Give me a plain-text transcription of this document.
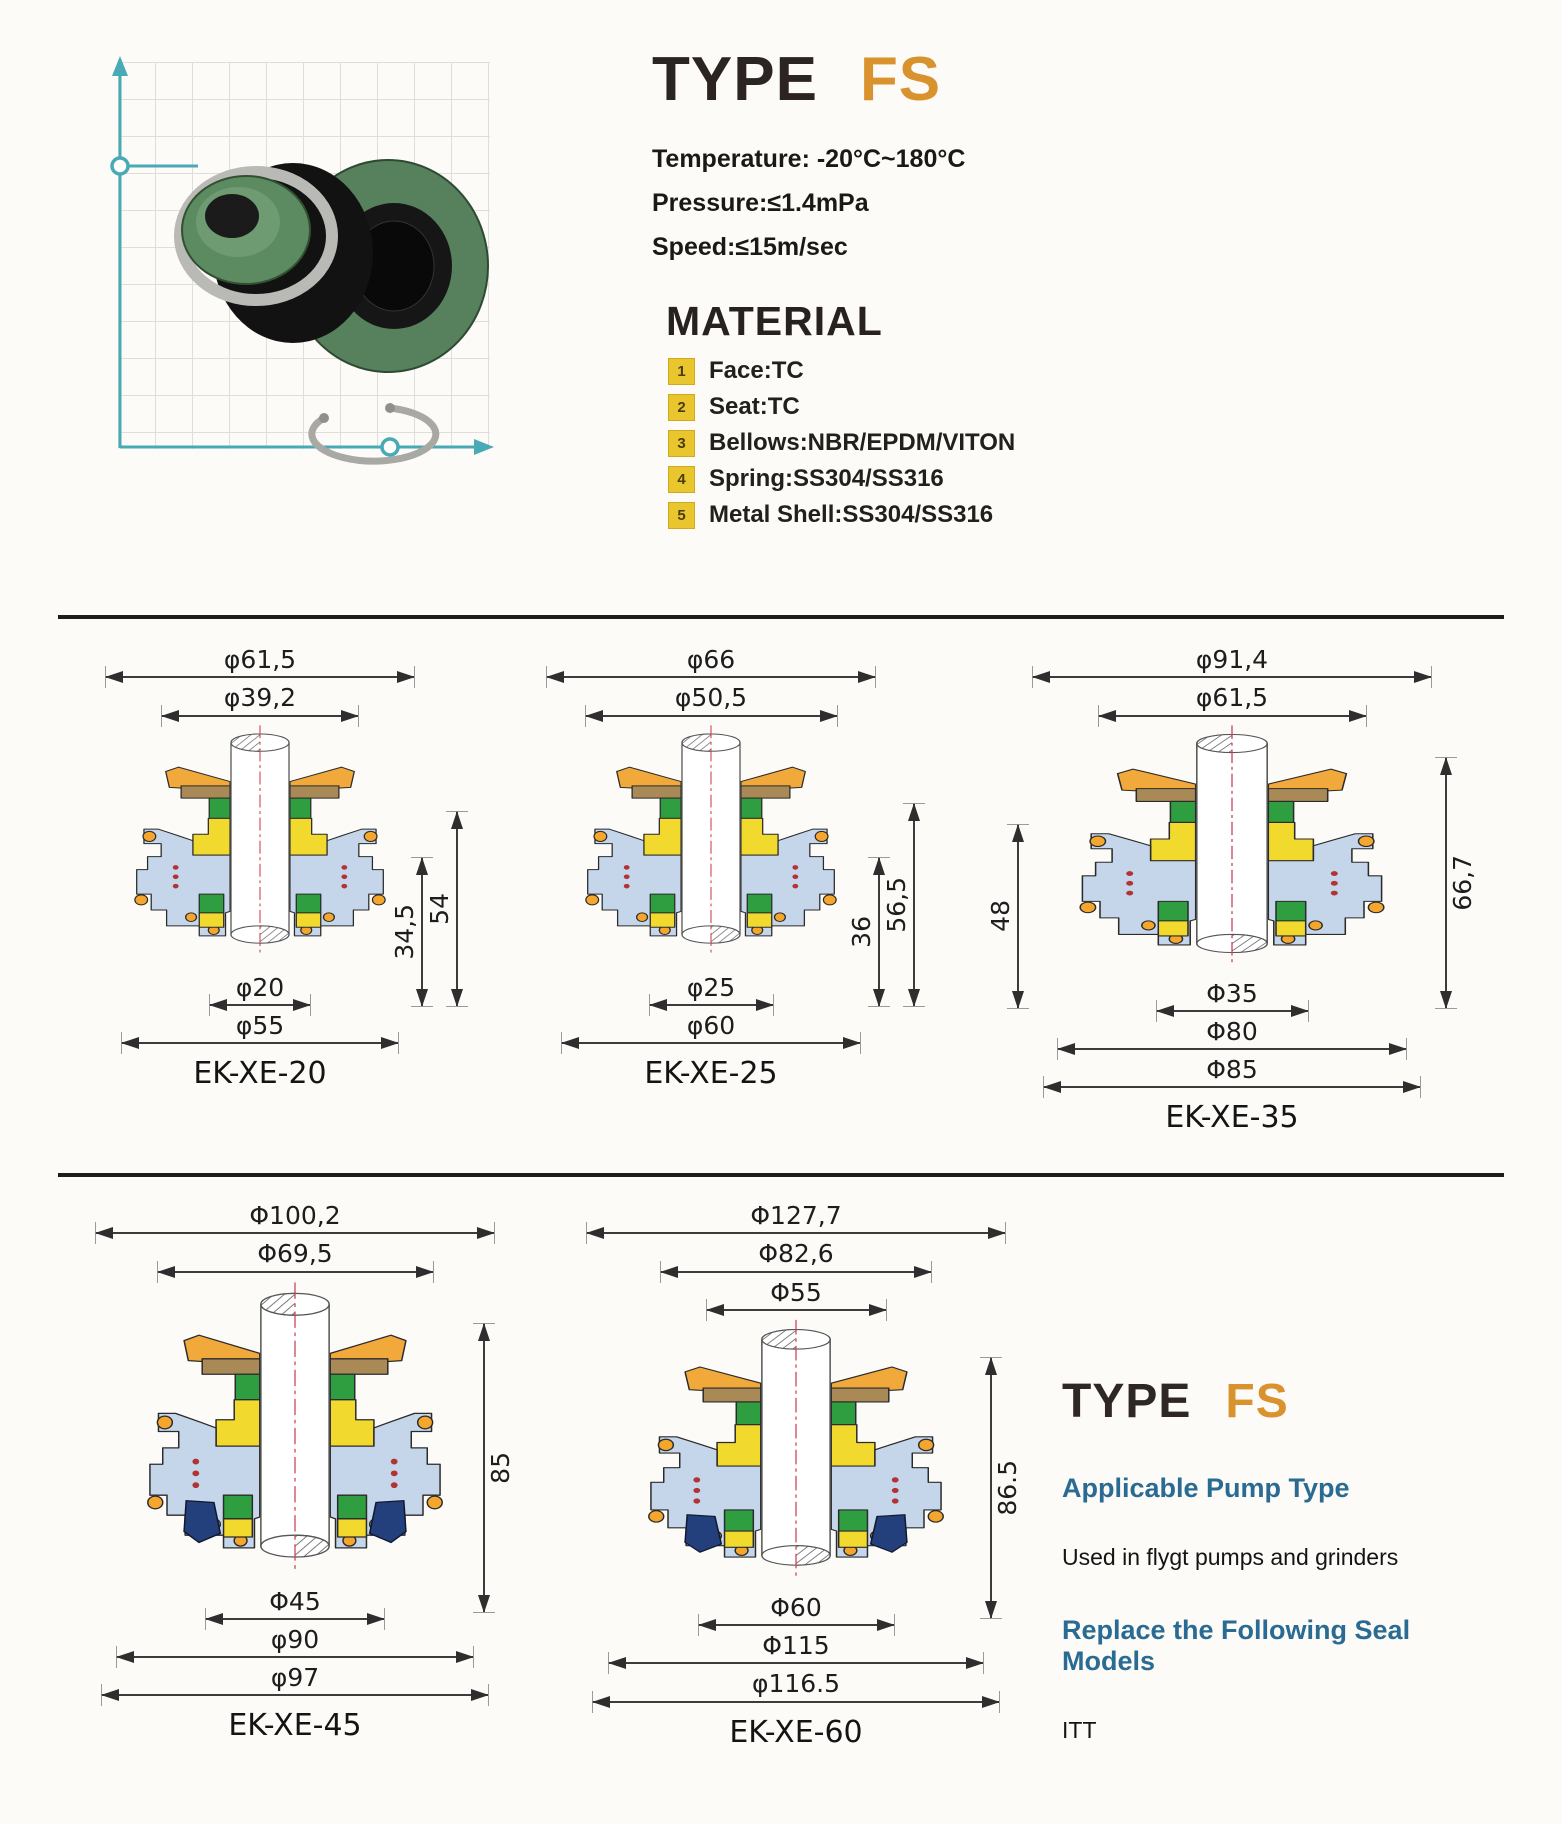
TYPE FS
Temperature: -20°C~180°C
Pressure:≤1.4mPa
Speed:≤15m/sec
MATERIAL
1 Face:TC
2 Seat:TC
3 Bellows:NBR/EPDM/VITON
4 Spring:SS304/SS316
5 Metal Shell:SS304/SS316
φ61,5
φ39,2
34,5 54
φ20
φ55
EK-XE-20
φ66
φ50,5
36 56,5
φ25
φ60
EK-XE-25
φ91,4
φ61,5
48
66,7
Φ35
Φ80
Φ85
EK-XE-35
Φ100,2
Φ69,5
85
Φ45
φ90
φ97
EK-XE-45
Φ127,7
Φ82,6
Φ55
86.5
Φ60
Φ115
φ116.5
EK-XE-60
TYPE FS
Applicable Pump Type
Used in flygt pumps and grinders
Replace the Following Seal Models
ITT
